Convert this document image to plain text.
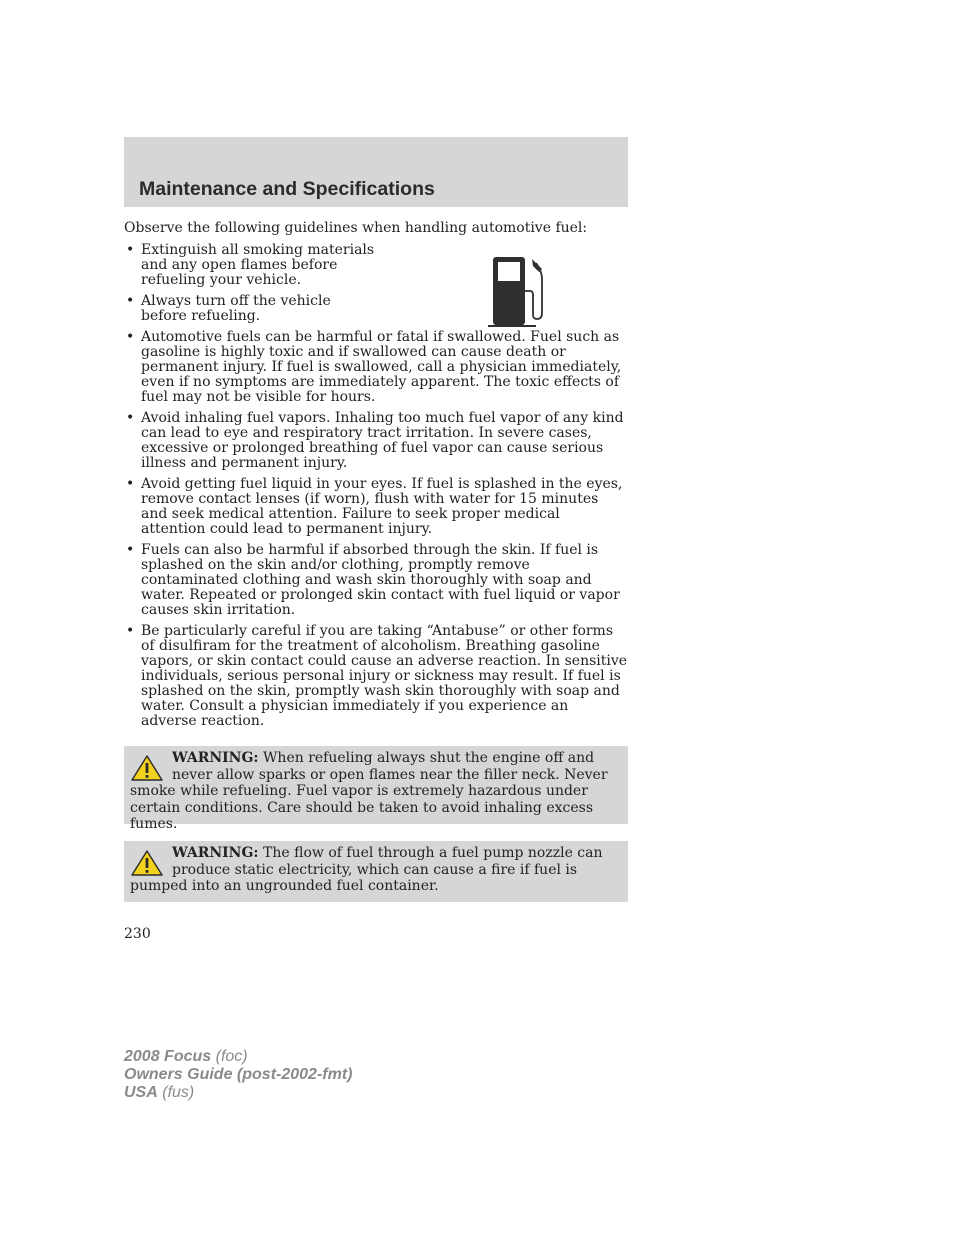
Maintenance and Specifications

Observe the following guidelines when handling automotive fuel:

• Extinguish all smoking materials and any open flames before refueling your vehicle.
• Always turn off the vehicle before refueling.
• Automotive fuels can be harmful or fatal if swallowed. Fuel such as gasoline is highly toxic and if swallowed can cause death or permanent injury. If fuel is swallowed, call a physician immediately, even if no symptoms are immediately apparent. The toxic effects of fuel may not be visible for hours.
• Avoid inhaling fuel vapors. Inhaling too much fuel vapor of any kind can lead to eye and respiratory tract irritation. In severe cases, excessive or prolonged breathing of fuel vapor can cause serious illness and permanent injury.
• Avoid getting fuel liquid in your eyes. If fuel is splashed in the eyes, remove contact lenses (if worn), flush with water for 15 minutes and seek medical attention. Failure to seek proper medical attention could lead to permanent injury.
• Fuels can also be harmful if absorbed through the skin. If fuel is splashed on the skin and/or clothing, promptly remove contaminated clothing and wash skin thoroughly with soap and water. Repeated or prolonged skin contact with fuel liquid or vapor causes skin irritation.
• Be particularly careful if you are taking “Antabuse” or other forms of disulfiram for the treatment of alcoholism. Breathing gasoline vapors, or skin contact could cause an adverse reaction. In sensitive individuals, serious personal injury or sickness may result. If fuel is splashed on the skin, promptly wash skin thoroughly with soap and water. Consult a physician immediately if you experience an adverse reaction.
WARNING: When refueling always shut the engine off and never allow sparks or open flames near the filler neck. Never smoke while refueling. Fuel vapor is extremely hazardous under certain conditions. Care should be taken to avoid inhaling excess fumes.
WARNING: The flow of fuel through a fuel pump nozzle can produce static electricity, which can cause a fire if fuel is pumped into an ungrounded fuel container.
230
2008 Focus (foc)
Owners Guide (post-2002-fmt)
USA (fus)
